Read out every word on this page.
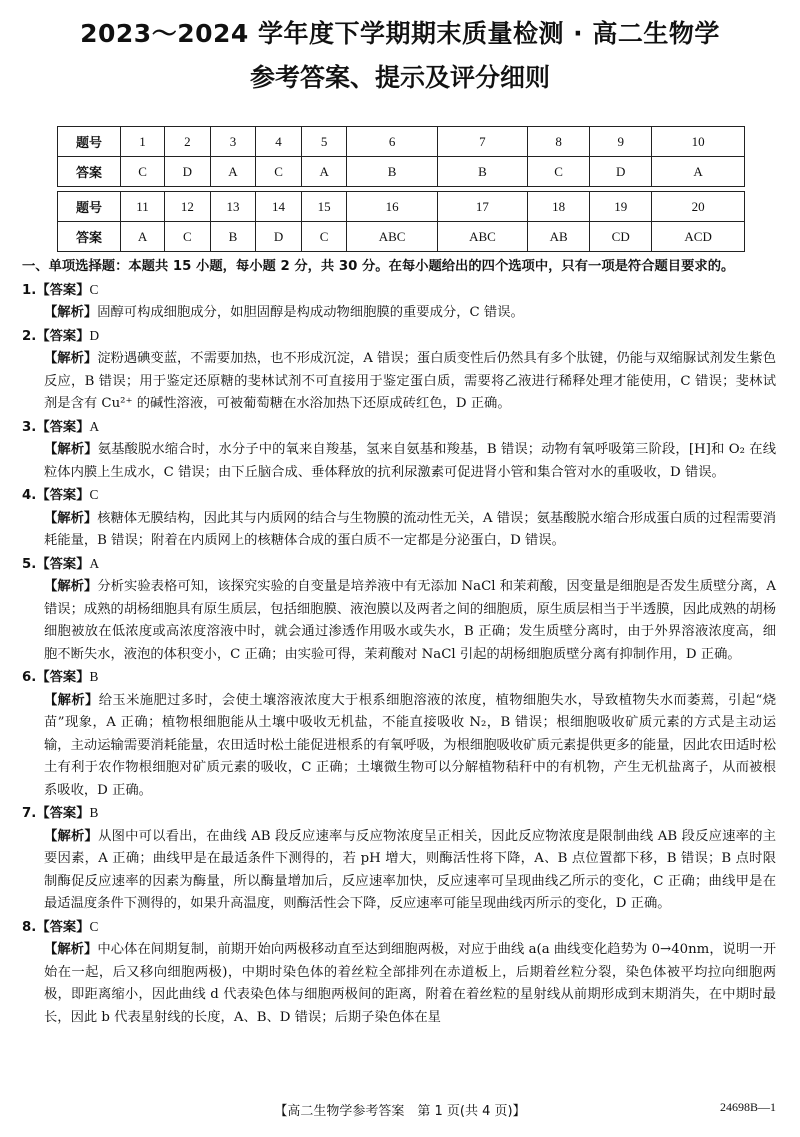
2023～2024 学年度下学期期末质量检测 · 高二生物学
参考答案、提示及评分细则
题号	1	2	3	4	5	6	7	8	9	10
答案	C	D	A	C	A	B	B	C	D	A

题号	11	12	13	14	15	16	17	18	19	20
答案	A	C	B	D	C	ABC	ABC	AB	CD	ACD
一、单项选择题：本题共 15 小题，每小题 2 分，共 30 分。在每小题给出的四个选项中，只有一项是符合题目要求的。
1.【答案】C
【解析】固醇可构成细胞成分，如胆固醇是构成动物细胞膜的重要成分，C 错误。
2.【答案】D
【解析】淀粉遇碘变蓝，不需要加热，也不形成沉淀，A 错误；蛋白质变性后仍然具有多个肽键，仍能与双缩脲试剂发生紫色反应，B 错误；用于鉴定还原糖的斐林试剂不可直接用于鉴定蛋白质，需要将乙液进行稀释处理才能使用，C 错误；斐林试剂是含有 Cu²⁺ 的碱性溶液，可被葡萄糖在水浴加热下还原成砖红色，D 正确。
3.【答案】A
【解析】氨基酸脱水缩合时，水分子中的氧来自羧基，氢来自氨基和羧基，B 错误；动物有氧呼吸第三阶段，[H]和 O₂ 在线粒体内膜上生成水，C 错误；由下丘脑合成、垂体释放的抗利尿激素可促进肾小管和集合管对水的重吸收，D 错误。
4.【答案】C
【解析】核糖体无膜结构，因此其与内质网的结合与生物膜的流动性无关，A 错误；氨基酸脱水缩合形成蛋白质的过程需要消耗能量，B 错误；附着在内质网上的核糖体合成的蛋白质不一定都是分泌蛋白，D 错误。
5.【答案】A
【解析】分析实验表格可知，该探究实验的自变量是培养液中有无添加 NaCl 和茉莉酸，因变量是细胞是否发生质壁分离，A 错误；成熟的胡杨细胞具有原生质层，包括细胞膜、液泡膜以及两者之间的细胞质，原生质层相当于半透膜，因此成熟的胡杨细胞被放在低浓度或高浓度溶液中时，就会通过渗透作用吸水或失水，B 正确；发生质壁分离时，由于外界溶液浓度高，细胞不断失水，液泡的体积变小，C 正确；由实验可得，茉莉酸对 NaCl 引起的胡杨细胞质壁分离有抑制作用，D 正确。
6.【答案】B
【解析】给玉米施肥过多时，会使土壤溶液浓度大于根系细胞溶液的浓度，植物细胞失水，导致植物失水而萎蔫，引起“烧苗”现象，A 正确；植物根细胞能从土壤中吸收无机盐，不能直接吸收 N₂，B 错误；根细胞吸收矿质元素的方式是主动运输，主动运输需要消耗能量，农田适时松土能促进根系的有氧呼吸，为根细胞吸收矿质元素提供更多的能量，因此农田适时松土有利于农作物根细胞对矿质元素的吸收，C 正确；土壤微生物可以分解植物秸秆中的有机物，产生无机盐离子，从而被根系吸收，D 正确。
7.【答案】B
【解析】从图中可以看出，在曲线 AB 段反应速率与反应物浓度呈正相关，因此反应物浓度是限制曲线 AB 段反应速率的主要因素，A 正确；曲线甲是在最适条件下测得的，若 pH 增大，则酶活性将下降，A、B 点位置都下移，B 错误；B 点时限制酶促反应速率的因素为酶量，所以酶量增加后，反应速率加快，反应速率可呈现曲线乙所示的变化，C 正确；曲线甲是在最适温度条件下测得的，如果升高温度，则酶活性会下降，反应速率可能呈现曲线丙所示的变化，D 正确。
8.【答案】C
【解析】中心体在间期复制，前期开始向两极移动直至达到细胞两极，对应于曲线 a(a 曲线变化趋势为 0→40nm，说明一开始在一起，后又移向细胞两极)，中期时染色体的着丝粒全部排列在赤道板上，后期着丝粒分裂，染色体被平均拉向细胞两极，即距离缩小，因此曲线 d 代表染色体与细胞两极间的距离，附着在着丝粒的星射线从前期形成到末期消失，在中期时最长，因此 b 代表星射线的长度，A、B、D 错误；后期子染色体在星
【高二生物学参考答案　第 1 页(共 4 页)】	24698B—1
